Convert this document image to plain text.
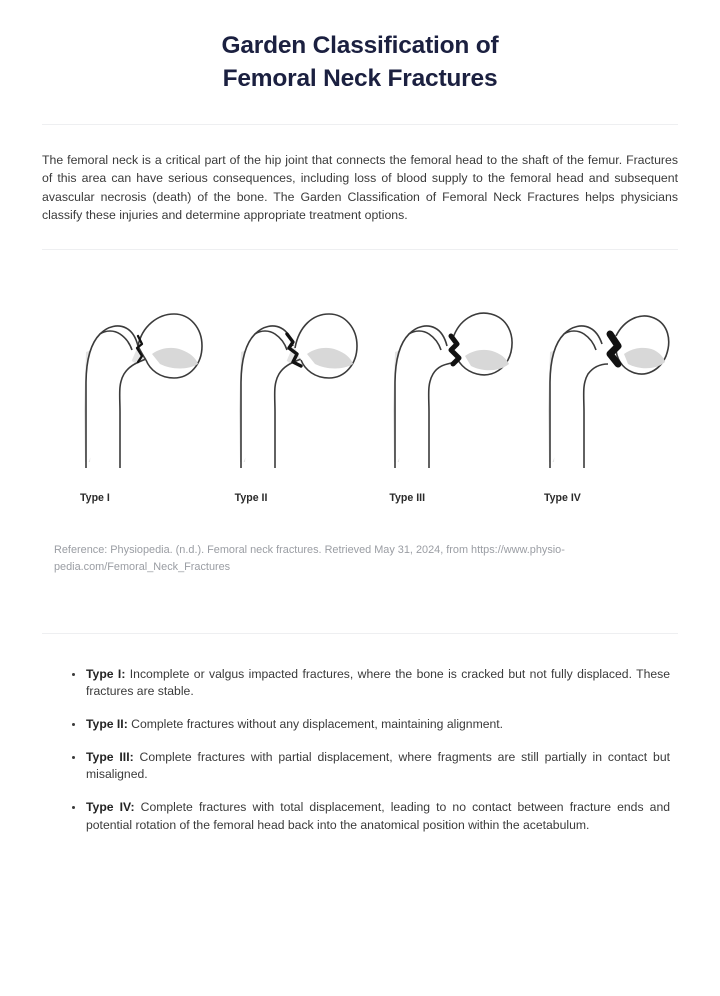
Garden Classification of
Femoral Neck Fractures

The femoral neck is a critical part of the hip joint that connects the femoral head to the shaft of the femur. Fractures of this area can have serious consequences, including loss of blood supply to the femoral head and subsequent avascular necrosis (death) of the bone. The Garden Classification of Femoral Neck Fractures helps physicians classify these injuries and determine appropriate treatment options.

Type I	Type II	Type III	Type IV
Reference: Physiopedia. (n.d.). Femoral neck fractures. Retrieved May 31, 2024, from https://www.physio-pedia.com/Femoral_Neck_Fractures
Type I: Incomplete or valgus impacted fractures, where the bone is cracked but not fully displaced. These fractures are stable.
Type II: Complete fractures without any displacement, maintaining alignment.
Type III: Complete fractures with partial displacement, where fragments are still partially in contact but misaligned.
Type IV: Complete fractures with total displacement, leading to no contact between fracture ends and potential rotation of the femoral head back into the anatomical position within the acetabulum.
